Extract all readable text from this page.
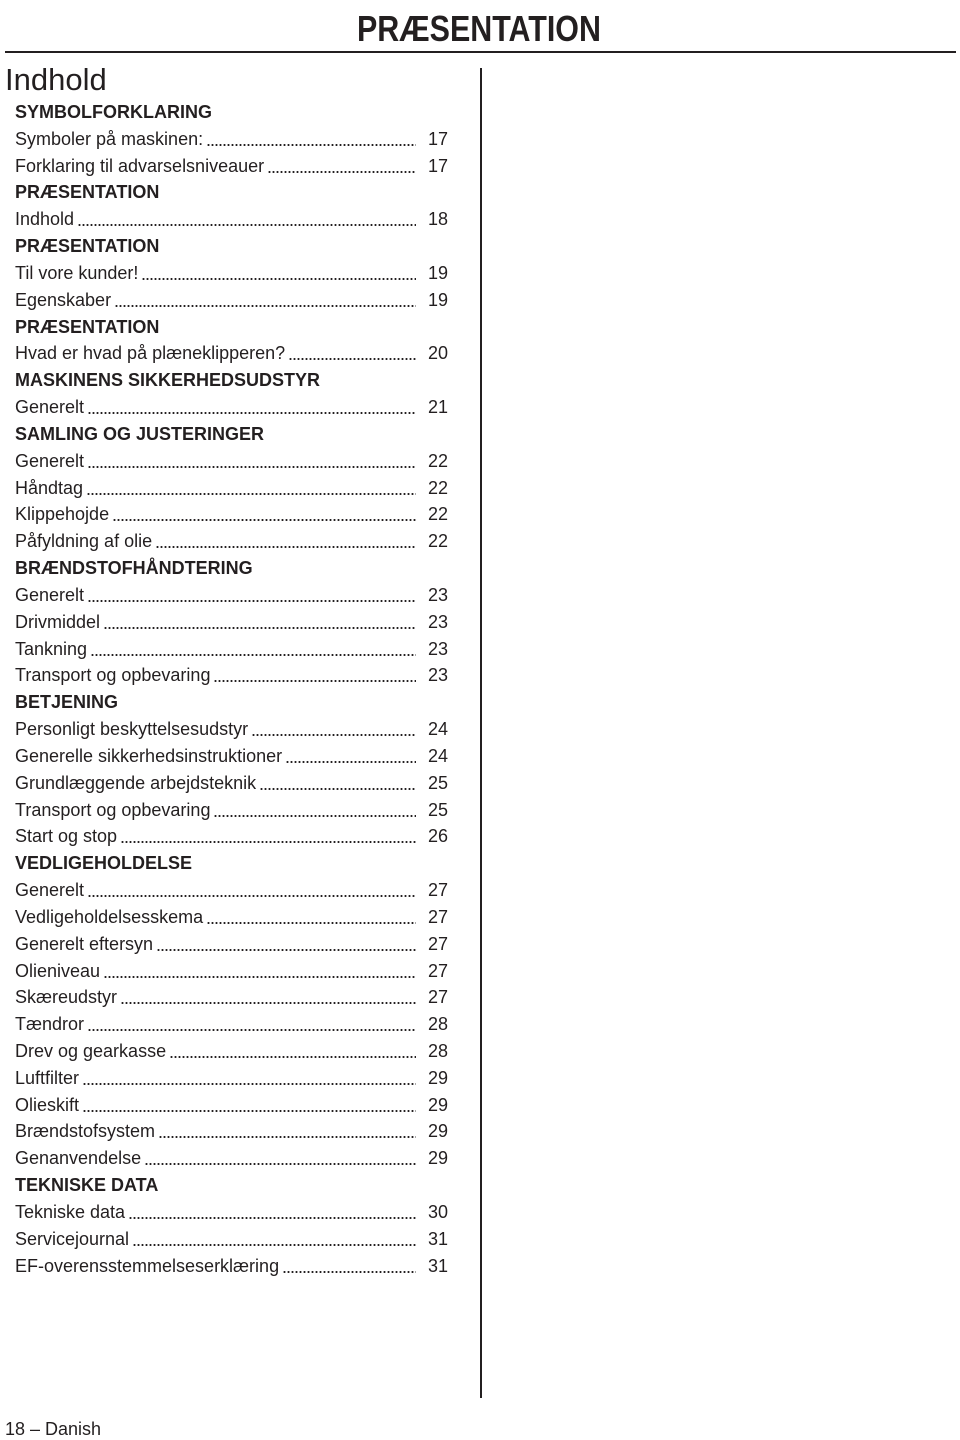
PRÆSENTATION
Indhold
SYMBOLFORKLARING
Symboler på maskinen:	17
Forklaring til advarselsniveauer	17
PRÆSENTATION
Indhold	18
PRÆSENTATION
Til vore kunder!	19
Egenskaber	19
PRÆSENTATION
Hvad er hvad på plæneklipperen?	20
MASKINENS SIKKERHEDSUDSTYR
Generelt	21
SAMLING OG JUSTERINGER
Generelt	22
Håndtag	22
Klippehojde	22
Påfyldning af olie	22
BRÆNDSTOFHÅNDTERING
Generelt	23
Drivmiddel	23
Tankning	23
Transport og opbevaring	23
BETJENING
Personligt beskyttelsesudstyr	24
Generelle sikkerhedsinstruktioner	24
Grundlæggende arbejdsteknik	25
Transport og opbevaring	25
Start og stop	26
VEDLIGEHOLDELSE
Generelt	27
Vedligeholdelsesskema	27
Generelt eftersyn	27
Olieniveau	27
Skæreudstyr	27
Tændror	28
Drev og gearkasse	28
Luftfilter	29
Olieskift	29
Brændstofsystem	29
Genanvendelse	29
TEKNISKE DATA
Tekniske data	30
Servicejournal	31
EF-overensstemmelseserklæring	31
18 – Danish
